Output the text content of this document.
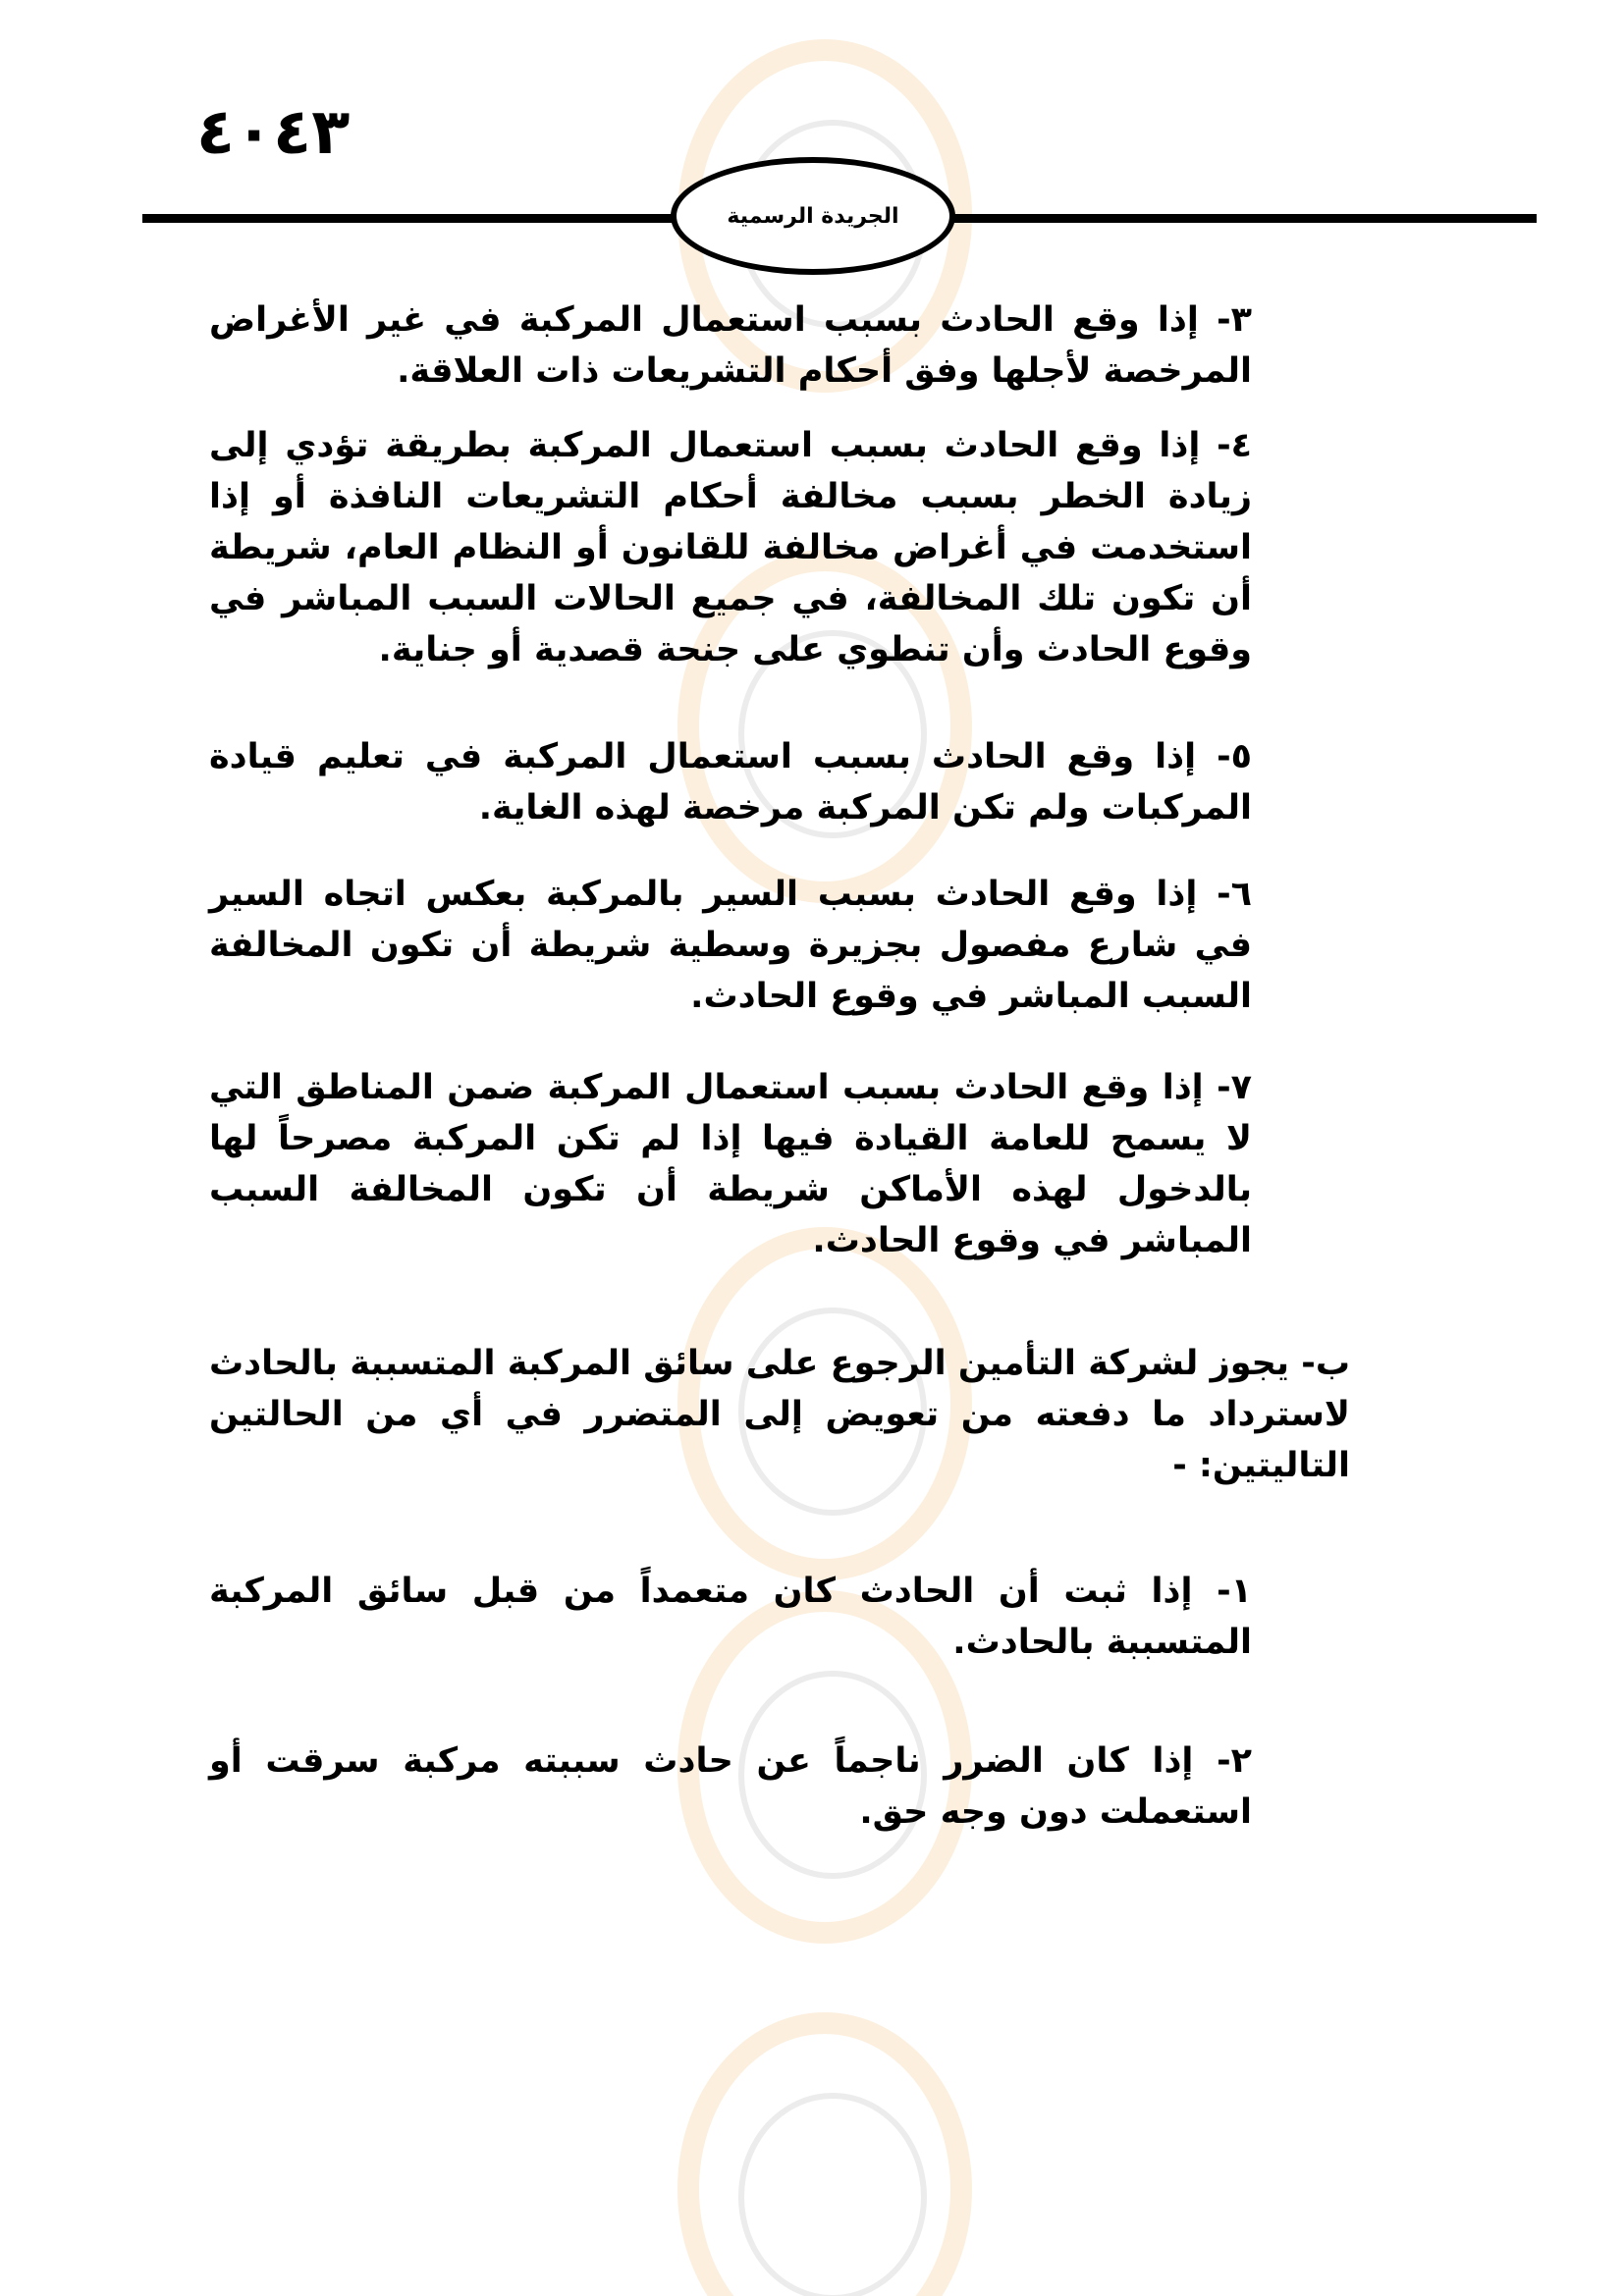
٤٠٤٣
الجريدة الرسمية
٣- إذا وقع الحادث بسبب استعمال المركبة في غير الأغراض المرخصة لأجلها وفق أحكام التشريعات ذات العلاقة.
٤- إذا وقع الحادث بسبب استعمال المركبة بطريقة تؤدي إلى زيادة الخطر بسبب مخالفة أحكام التشريعات النافذة أو إذا استخدمت في أغراض مخالفة للقانون أو النظام العام، شريطة أن تكون تلك المخالفة، في جميع الحالات السبب المباشر في وقوع الحادث وأن تنطوي على جنحة قصدية أو جناية.
٥- إذا وقع الحادث بسبب استعمال المركبة في تعليم قيادة المركبات ولم تكن المركبة مرخصة لهذه الغاية.
٦- إذا وقع الحادث بسبب السير بالمركبة بعكس اتجاه السير في شارع مفصول بجزيرة وسطية شريطة أن تكون المخالفة السبب المباشر في وقوع الحادث.
٧- إذا وقع الحادث بسبب استعمال المركبة ضمن المناطق التي لا يسمح للعامة القيادة فيها إذا لم تكن المركبة مصرحاً لها بالدخول لهذه الأماكن شريطة أن تكون المخالفة السبب المباشر في وقوع الحادث.
ب- يجوز لشركة التأمين الرجوع على سائق المركبة المتسببة بالحادث لاسترداد ما دفعته من تعويض إلى المتضرر في أي من الحالتين التاليتين: -
١- إذا ثبت أن الحادث كان متعمداً من قبل سائق المركبة المتسببة بالحادث.
٢- إذا كان الضرر ناجماً عن حادث سببته مركبة سرقت أو استعملت دون وجه حق.
